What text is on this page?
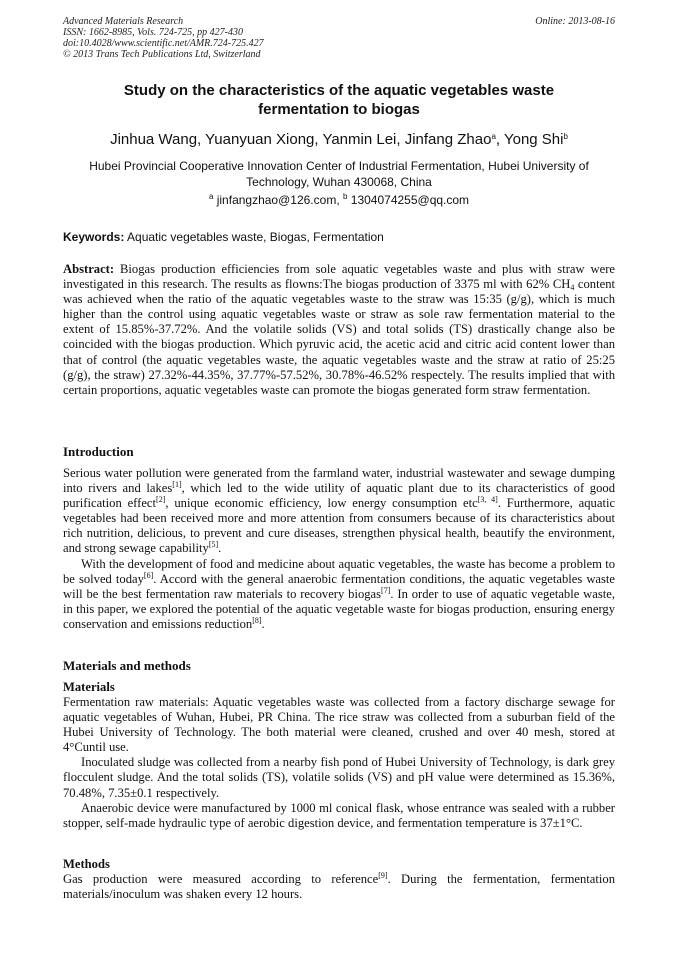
Advanced Materials Research
ISSN: 1662-8985, Vols. 724-725, pp 427-430
doi:10.4028/www.scientific.net/AMR.724-725.427
© 2013 Trans Tech Publications Ltd, Switzerland
Online: 2013-08-16
Study on the characteristics of the aquatic vegetables waste fermentation to biogas
Jinhua Wang, Yuanyuan Xiong, Yanmin Lei, Jinfang Zhao$^a$, Yong Shi$^b$
Hubei Provincial Cooperative Innovation Center of Industrial Fermentation, Hubei University of Technology, Wuhan 430068, China
$^a$ jinfangzhao@126.com, $^b$ 1304074255@qq.com
Keywords: Aquatic vegetables waste, Biogas, Fermentation

Abstract: Biogas production efficiencies from sole aquatic vegetables waste and plus with straw were investigated in this research. The results as flowns:The biogas production of 3375 ml with 62% $CH_4$ content was achieved when the ratio of the aquatic vegetables waste to the straw was 15:35 (g/g), which is much higher than the control using aquatic vegetables waste or straw as sole raw fermentation material to the extent of 15.85%-37.72%. And the volatile solids (VS) and total solids (TS) drastically change also be coincided with the biogas production. Which pyruvic acid, the acetic acid and citric acid content lower than that of control (the aquatic vegetables waste, the aquatic vegetables waste and the straw at ratio of 25:25 (g/g), the straw) 27.32%-44.35%, 37.77%-57.52%, 30.78%-46.52% respectely. The results implied that with certain proportions, aquatic vegetables waste can promote the biogas generated form straw fermentation.

Introduction

Serious water pollution were generated from the farmland water, industrial wastewater and sewage dumping into rivers and lakes[1], which led to the wide utility of aquatic plant due to its characteristics of good purification effect[2], unique economic efficiency, low energy consumption etc[3, 4]. Furthermore, aquatic vegetables had been received more and more attention from consumers because of its characteristics about rich nutrition, delicious, to prevent and cure diseases, strengthen physical health, beautify the environment, and strong sewage capability[5].

With the development of food and medicine about aquatic vegetables, the waste has become a problem to be solved today[6]. Accord with the general anaerobic fermentation conditions, the aquatic vegetables waste will be the best fermentation raw materials to recovery biogas[7]. In order to use of aquatic vegetable waste, in this paper, we explored the potential of the aquatic vegetable waste for biogas production, ensuring energy conservation and emissions reduction[8].

Materials and methods
Materials

Fermentation raw materials: Aquatic vegetables waste was collected from a factory discharge sewage for aquatic vegetables of Wuhan, Hubei, PR China. The rice straw was collected from a suburban field of the Hubei University of Technology. The both material were cleaned, crushed and over 40 mesh, stored at 4°Cuntil use.

Inoculated sludge was collected from a nearby fish pond of Hubei University of Technology, is dark grey flocculent sludge. And the total solids (TS), volatile solids (VS) and pH value were determined as 15.36%, 70.48%, 7.35±0.1 respectively.

Anaerobic device were manufactured by 1000 ml conical flask, whose entrance was sealed with a rubber stopper, self-made hydraulic type of aerobic digestion device, and fermentation temperature is 37±1°C.

Methods

Gas production were measured according to reference[9]. During the fermentation, fermentation materials/inoculum was shaken every 12 hours.
